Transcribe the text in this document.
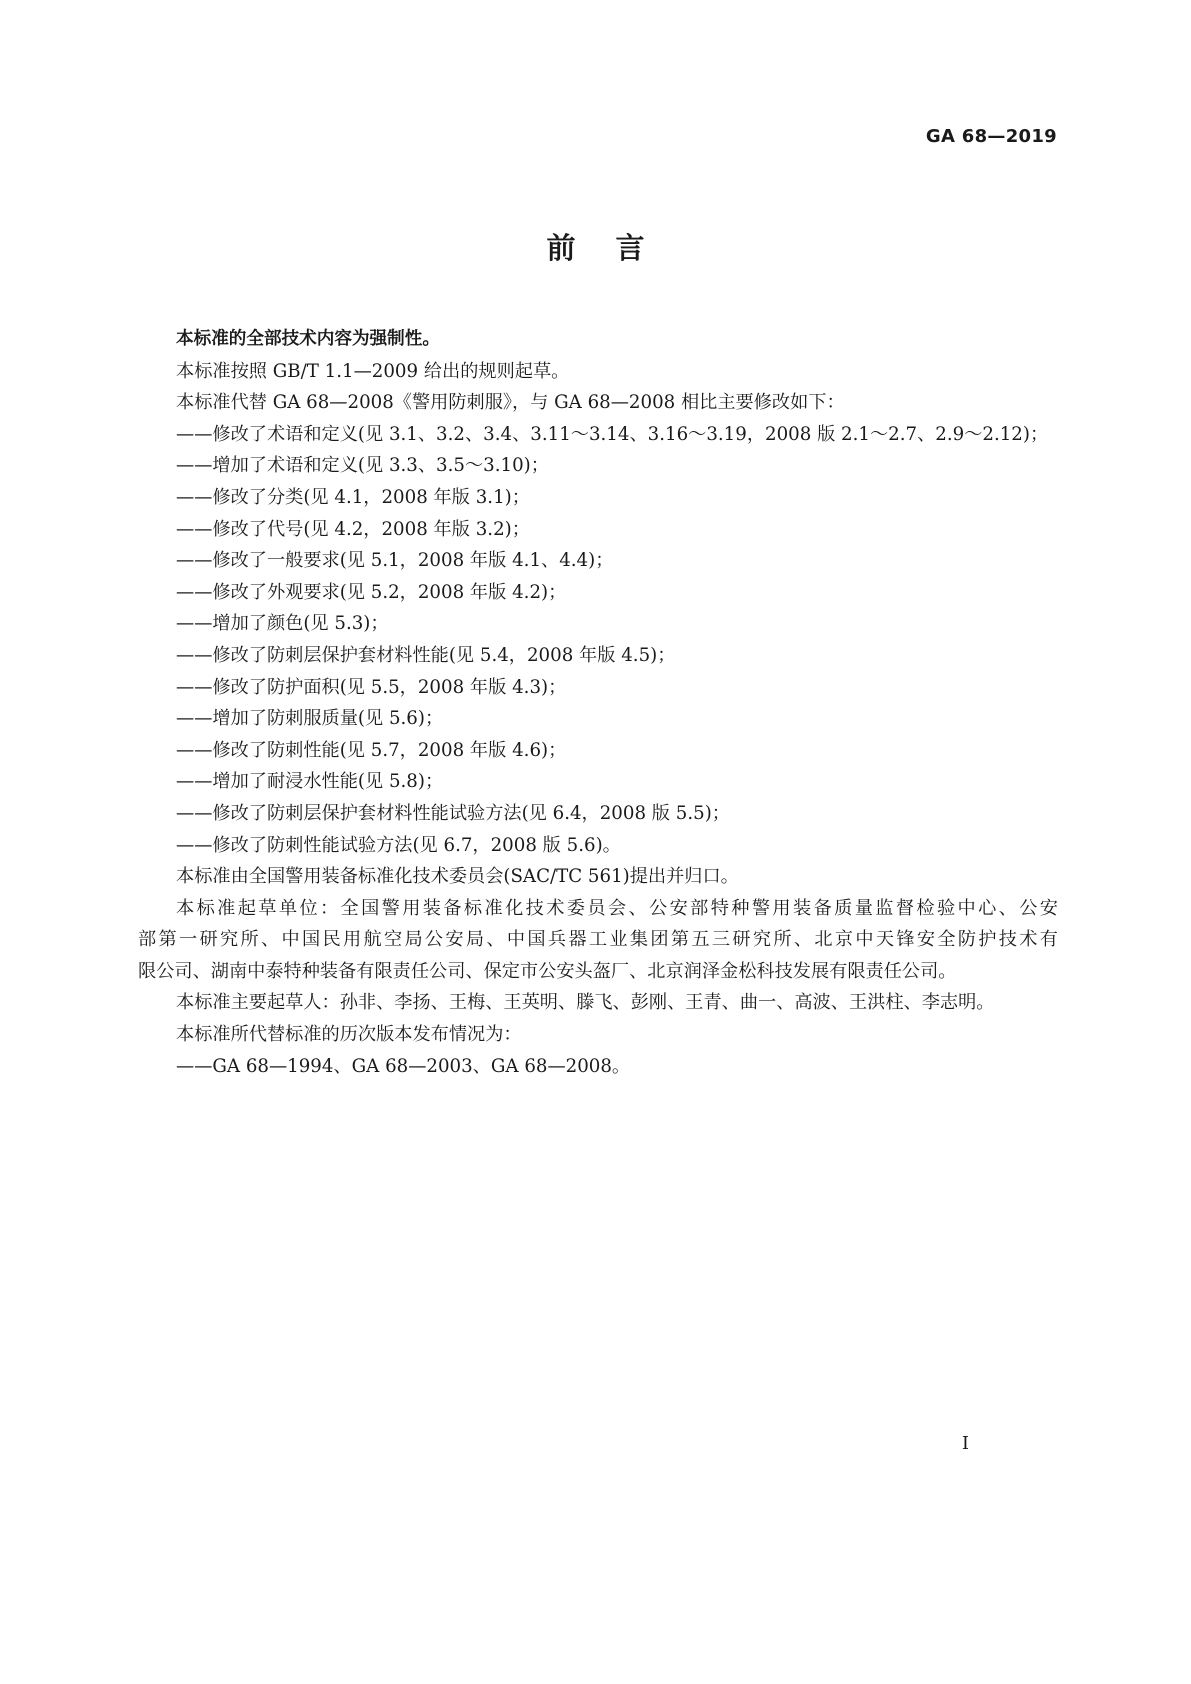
GA 68—2019
前言

本标准的全部技术内容为强制性。

本标准按照 GB/T 1.1—2009 给出的规则起草。

本标准代替 GA 68—2008《警用防刺服》，与 GA 68—2008 相比主要修改如下：

——修改了术语和定义(见 3.1、3.2、3.4、3.11～3.14、3.16～3.19，2008 版 2.1～2.7、2.9～2.12)；

——增加了术语和定义(见 3.3、3.5～3.10)；

——修改了分类(见 4.1，2008 年版 3.1)；

——修改了代号(见 4.2，2008 年版 3.2)；

——修改了一般要求(见 5.1，2008 年版 4.1、4.4)；

——修改了外观要求(见 5.2，2008 年版 4.2)；

——增加了颜色(见 5.3)；

——修改了防刺层保护套材料性能(见 5.4，2008 年版 4.5)；

——修改了防护面积(见 5.5，2008 年版 4.3)；

——增加了防刺服质量(见 5.6)；

——修改了防刺性能(见 5.7，2008 年版 4.6)；

——增加了耐浸水性能(见 5.8)；

——修改了防刺层保护套材料性能试验方法(见 6.4，2008 版 5.5)；

——修改了防刺性能试验方法(见 6.7，2008 版 5.6)。

本标准由全国警用装备标准化技术委员会(SAC/TC 561)提出并归口。

本标准起草单位：全国警用装备标准化技术委员会、公安部特种警用装备质量监督检验中心、公安
部第一研究所、中国民用航空局公安局、中国兵器工业集团第五三研究所、北京中天锋安全防护技术有
限公司、湖南中泰特种装备有限责任公司、保定市公安头盔厂、北京润泽金松科技发展有限责任公司。

本标准主要起草人：孙非、李扬、王梅、王英明、滕飞、彭刚、王青、曲一、高波、王洪柱、李志明。

本标准所代替标准的历次版本发布情况为：

——GA 68—1994、GA 68—2003、GA 68—2008。

I
